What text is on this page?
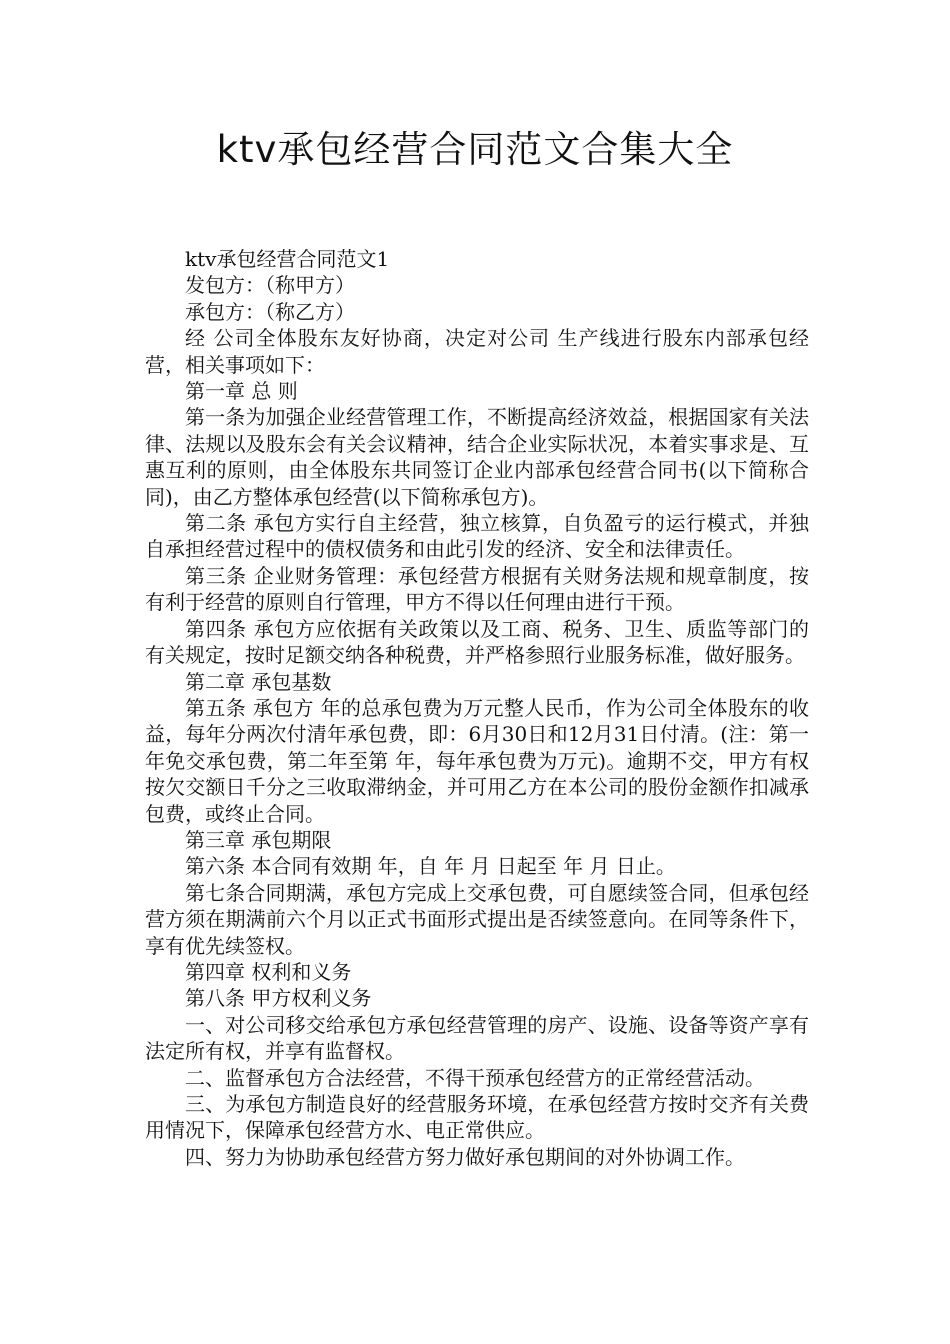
ktv承包经营合同范文合集大全

ktv承包经营合同范文1

发包方：（称甲方）

承包方：（称乙方）

经 公司全体股东友好协商，决定对公司 生产线进行股东内部承包经营，相关事项如下：

第一章 总 则

第一条为加强企业经营管理工作，不断提高经济效益，根据国家有关法律、法规以及股东会有关会议精神，结合企业实际状况，本着实事求是、互惠互利的原则，由全体股东共同签订企业内部承包经营合同书(以下简称合同)，由乙方整体承包经营(以下简称承包方)。

第二条 承包方实行自主经营，独立核算，自负盈亏的运行模式，并独自承担经营过程中的债权债务和由此引发的经济、安全和法律责任。

第三条 企业财务管理：承包经营方根据有关财务法规和规章制度，按有利于经营的原则自行管理，甲方不得以任何理由进行干预。

第四条 承包方应依据有关政策以及工商、税务、卫生、质监等部门的有关规定，按时足额交纳各种税费，并严格参照行业服务标准，做好服务。

第二章 承包基数

第五条 承包方 年的总承包费为万元整人民币，作为公司全体股东的收益，每年分两次付清年承包费，即：6月30日和12月31日付清。(注：第一年免交承包费，第二年至第 年，每年承包费为万元)。逾期不交，甲方有权按欠交额日千分之三收取滞纳金，并可用乙方在本公司的股份金额作扣减承包费，或终止合同。

第三章 承包期限

第六条 本合同有效期 年，自 年 月 日起至 年 月 日止。

第七条合同期满，承包方完成上交承包费，可自愿续签合同，但承包经营方须在期满前六个月以正式书面形式提出是否续签意向。在同等条件下，享有优先续签权。

第四章 权利和义务

第八条 甲方权利义务

一、对公司移交给承包方承包经营管理的房产、设施、设备等资产享有法定所有权，并享有监督权。

二、监督承包方合法经营，不得干预承包经营方的正常经营活动。

三、为承包方制造良好的经营服务环境，在承包经营方按时交齐有关费用情况下，保障承包经营方水、电正常供应。

四、努力为协助承包经营方努力做好承包期间的对外协调工作。
